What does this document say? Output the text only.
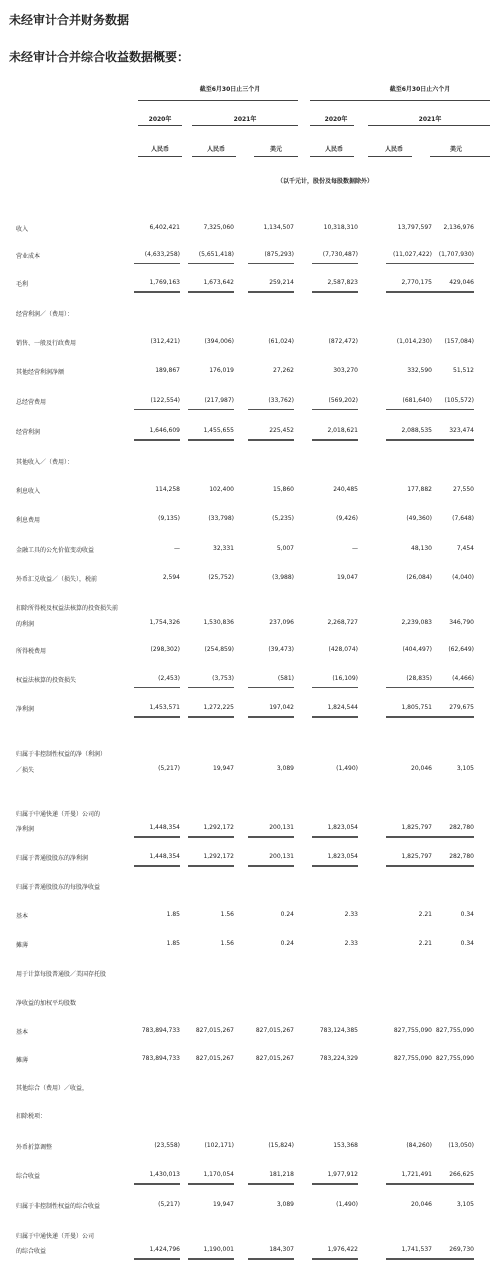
未经审计合并财务数据
未经审计合并综合收益数据概要：
截至6月30日止三个月	截至6月30日止六个月
2020年	2021年	2020年	2021年
人民币	人民币	美元	人民币	人民币	美元
（以千元计，股份及每股数据除外）
收入	6,402,421	7,325,060	1,134,507	10,318,310	13,797,597	2,136,976
营业成本	(4,633,258)	(5,651,418)	(875,293)	(7,730,487)	(11,027,422)	(1,707,930)
毛利	1,769,163	1,673,642	259,214	2,587,823	2,770,175	429,046
经营利润／（费用）：
销售、一般及行政费用	(312,421)	(394,006)	(61,024)	(872,472)	(1,014,230)	(157,084)
其他经营利润净额	189,867	176,019	27,262	303,270	332,590	51,512
总经营费用	(122,554)	(217,987)	(33,762)	(569,202)	(681,640)	(105,572)
经营利润	1,646,609	1,455,655	225,452	2,018,621	2,088,535	323,474
其他收入／（费用）：
利息收入	114,258	102,400	15,860	240,485	177,882	27,550
利息费用	(9,135)	(33,798)	(5,235)	(9,426)	(49,360)	(7,648)
金融工具的公允价值变动收益	—	32,331	5,007	—	48,130	7,454
外币汇兑收益／（损失），税前	2,594	(25,752)	(3,988)	19,047	(26,084)	(4,040)
扣除所得税及权益法核算的投资损失前
的利润	1,754,326	1,530,836	237,096	2,268,727	2,239,083	346,790
所得税费用	(298,302)	(254,859)	(39,473)	(428,074)	(404,497)	(62,649)
权益法核算的投资损失	(2,453)	(3,753)	(581)	(16,109)	(28,835)	(4,466)
净利润	1,453,571	1,272,225	197,042	1,824,544	1,805,751	279,675
归属于非控制性权益的净（利润）
／损失	(5,217)	19,947	3,089	(1,490)	20,046	3,105
归属于中通快递（开曼）公司的
净利润	1,448,354	1,292,172	200,131	1,823,054	1,825,797	282,780
归属于普通股股东的净利润	1,448,354	1,292,172	200,131	1,823,054	1,825,797	282,780
归属于普通股股东的每股净收益
基本	1.85	1.56	0.24	2.33	2.21	0.34
摊薄	1.85	1.56	0.24	2.33	2.21	0.34
用于计算每股普通股／美国存托股
净收益的加权平均股数
基本	783,894,733	827,015,267	827,015,267	783,124,385	827,755,090 827,755,090
摊薄	783,894,733	827,015,267	827,015,267	783,224,329	827,755,090 827,755,090
其他综合（费用）／收益，
扣除税项：
外币折算调整	(23,558)	(102,171)	(15,824)	153,368	(84,260)	(13,050)
综合收益	1,430,013	1,170,054	181,218	1,977,912	1,721,491	266,625
归属于非控制性权益的综合收益	(5,217)	19,947	3,089	(1,490)	20,046	3,105
归属于中通快递（开曼）公司
的综合收益	1,424,796	1,190,001	184,307	1,976,422	1,741,537	269,730
